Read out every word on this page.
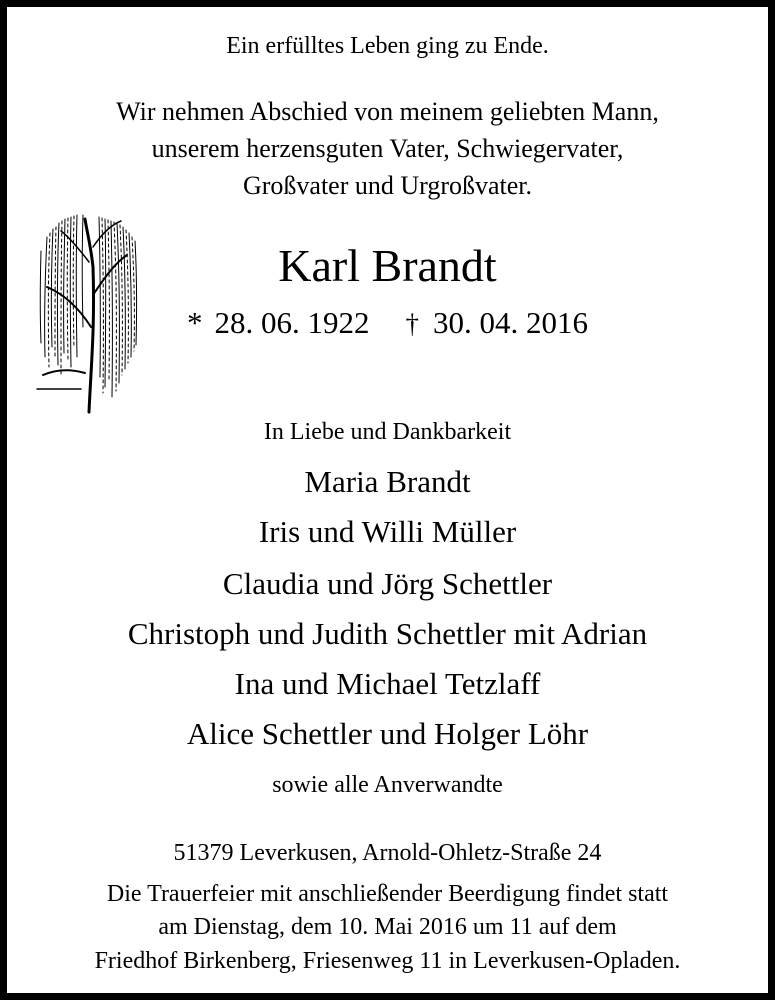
Ein erfülltes Leben ging zu Ende.
Wir nehmen Abschied von meinem geliebten Mann,
unserem herzensguten Vater, Schwiegervater,
Großvater und Urgroßvater.
Karl Brandt
* 28. 06. 1922 † 30. 04. 2016
In Liebe und Dankbarkeit
Maria Brandt
Iris und Willi Müller
Claudia und Jörg Schettler
Christoph und Judith Schettler mit Adrian
Ina und Michael Tetzlaff
Alice Schettler und Holger Löhr
sowie alle Anverwandte
51379 Leverkusen, Arnold-Ohletz-Straße 24
Die Trauerfeier mit anschließender Beerdigung findet statt
am Dienstag, dem 10. Mai 2016 um 11 auf dem
Friedhof Birkenberg, Friesenweg 11 in Leverkusen-Opladen.
